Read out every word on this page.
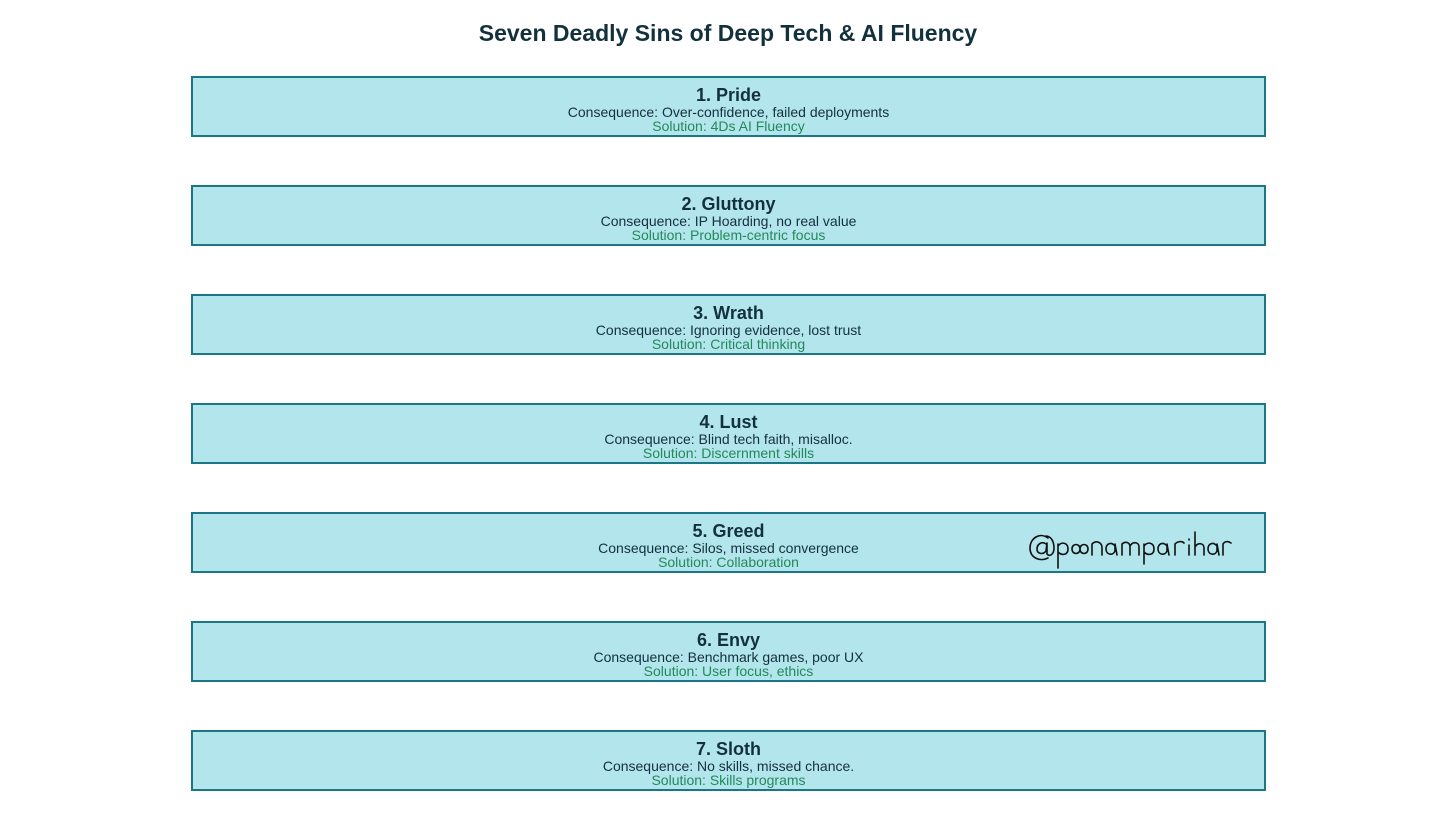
Seven Deadly Sins of Deep Tech & AI Fluency
1. Pride
Consequence: Over-confidence, failed deployments
Solution: 4Ds AI Fluency
2. Gluttony
Consequence: IP Hoarding, no real value
Solution: Problem-centric focus
3. Wrath
Consequence: Ignoring evidence, lost trust
Solution: Critical thinking
4. Lust
Consequence: Blind tech faith, misalloc.
Solution: Discernment skills
5. Greed
Consequence: Silos, missed convergence
Solution: Collaboration
6. Envy
Consequence: Benchmark games, poor UX
Solution: User focus, ethics
7. Sloth
Consequence: No skills, missed chance.
Solution: Skills programs
